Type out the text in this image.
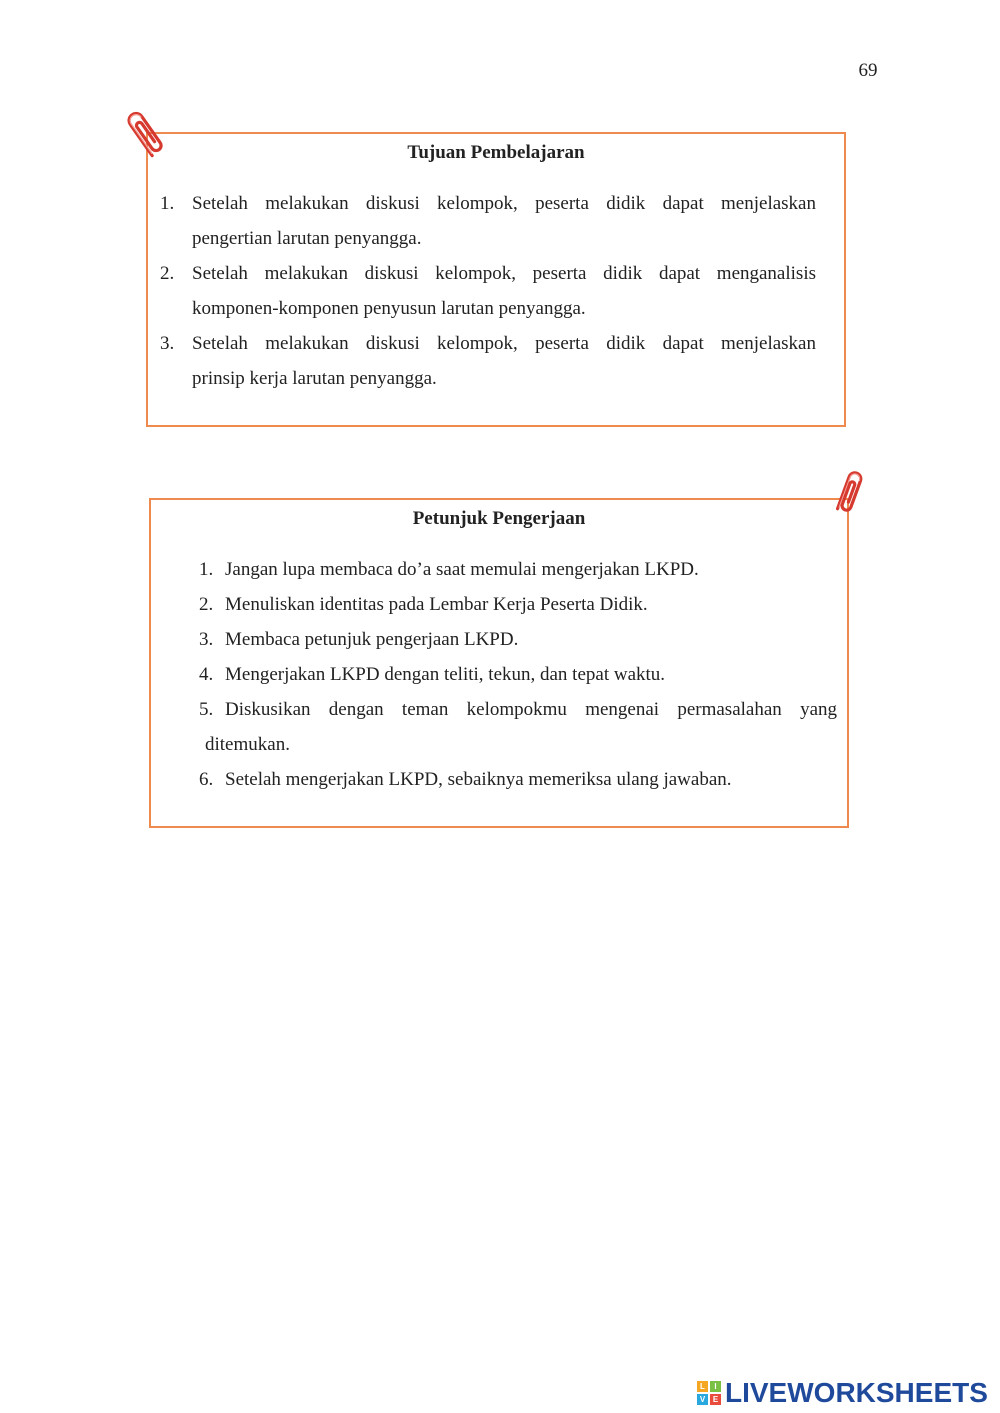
69
Tujuan Pembelajaran
1. Setelah melakukan diskusi kelompok, peserta didik dapat menjelaskan
pengertian larutan penyangga.
2. Setelah melakukan diskusi kelompok, peserta didik dapat menganalisis
komponen-komponen penyusun larutan penyangga.
3. Setelah melakukan diskusi kelompok, peserta didik dapat menjelaskan
prinsip kerja larutan penyangga.
Petunjuk Pengerjaan
1. Jangan lupa membaca do’a saat memulai mengerjakan LKPD.
2. Menuliskan identitas pada Lembar Kerja Peserta Didik.
3. Membaca petunjuk pengerjaan LKPD.
4. Mengerjakan LKPD dengan teliti, tekun, dan tepat waktu.
5. Diskusikan dengan teman kelompokmu mengenai permasalahan yang
ditemukan.
6. Setelah mengerjakan LKPD, sebaiknya memeriksa ulang jawaban.
L	I
V E LIVEWORKSHEETS
